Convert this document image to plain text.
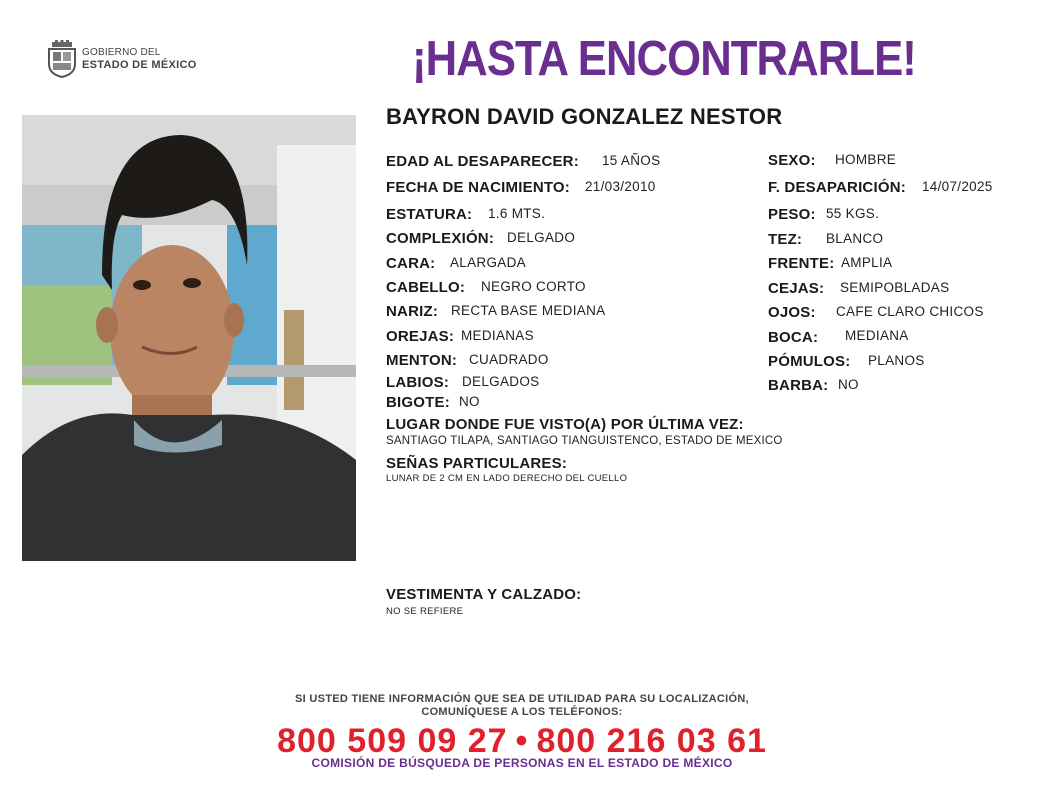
GOBIERNO DEL
ESTADO DE MÉXICO	¡HASTA ENCONTRARLE!
BAYRON DAVID GONZALEZ NESTOR
EDAD AL DESAPARECER: 15 AÑOS
FECHA DE NACIMIENTO: 21/03/2010
ESTATURA: 1.6 MTS.
COMPLEXIÓN: DELGADO
CARA: ALARGADA
CABELLO: NEGRO CORTO
NARIZ: RECTA BASE MEDIANA
OREJAS: MEDIANAS
MENTON: CUADRADO
LABIOS: DELGADOS
BIGOTE: NO
SEXO: HOMBRE
F. DESAPARICIÓN: 14/07/2025
PESO: 55 KGS.
TEZ: BLANCO
FRENTE: AMPLIA
CEJAS: SEMIPOBLADAS
OJOS: CAFE CLARO CHICOS
BOCA: MEDIANA
PÓMULOS: PLANOS
BARBA: NO
LUGAR DONDE FUE VISTO(A) POR ÚLTIMA VEZ:
SANTIAGO TILAPA, SANTIAGO TIANGUISTENCO, ESTADO DE MEXICO
SEÑAS PARTICULARES:
LUNAR DE 2 CM EN LADO DERECHO DEL CUELLO
VESTIMENTA Y CALZADO:
NO SE REFIERE
SI USTED TIENE INFORMACIÓN QUE SEA DE UTILIDAD PARA SU LOCALIZACIÓN,
COMUNÍQUESE A LOS TELÉFONOS:
800 509 09 27 • 800 216 03 61
COMISIÓN DE BÚSQUEDA DE PERSONAS EN EL ESTADO DE MÉXICO
